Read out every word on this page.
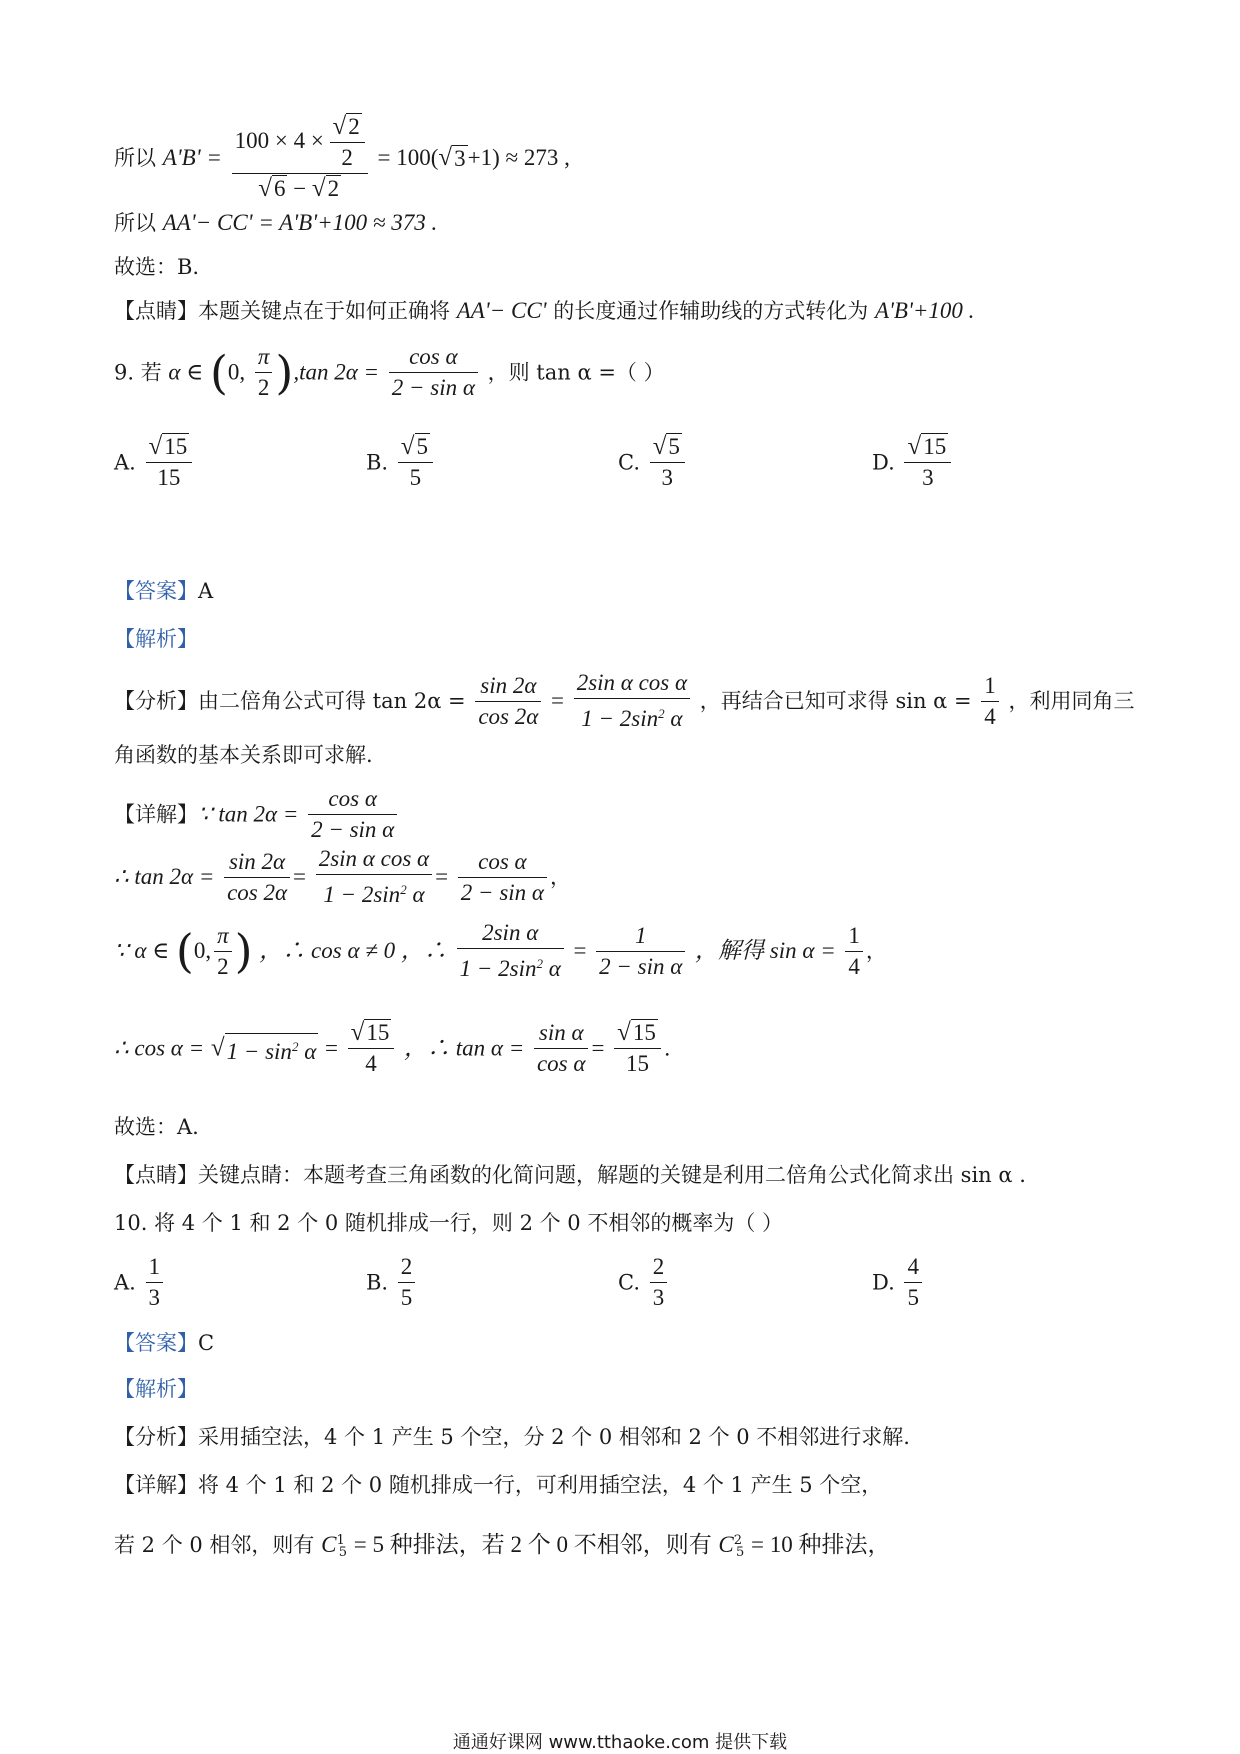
所以 $A'B' = \frac{100 \times 4 \times \frac{√2}{2}}{√6 - √2} = 100(√3+1) \approx 273$ ,
所以 AA'− CC' = A'B'+100 ≈ 373 .
故选：B.
【点睛】本题关键点在于如何正确将 AA'− CC' 的长度通过作辅助线的方式转化为 A'B'+100 .
9. 若 α ∈ (0, $\frac{\pi}{2} ),\tan$ $2\alpha = \frac{\text{cos α}}{\text{2 − sin α}}$ ，则 tan α =（ ）
A. $\frac{√15}{15}$	B. $\frac{√5}{5}$	C. $\frac{√5}{3}$	D. $\frac{√15}{3}$
【答案】A
【解析】
【分析】由二倍角公式可得 $\tan 2\alpha = \frac{\sin 2\alpha}{\cos 2\alpha} = \frac{\text{2sin α cos α}}{1 - 2\sin^2 \alpha}$ ，再结合已知可求得 $\sin \alpha = \frac{1}{4}$ ，利用同角三
角函数的基本关系即可求解.
【详解】∵ $\tan 2\alpha = \frac{\text{cos α}}{\text{2 − sin α}}$
∴ $\tan 2\alpha = \frac{\sin 2\alpha}{\cos 2\alpha} = \frac{\text{2sin α cos α}}{1 - 2\sin^2 \alpha} = \frac{\text{cos α}}{\text{2 − sin α}}$ ，
∵ α ∈ (0, $\frac{\pi}{2}$ ) ，∴ cos α ≠ 0 ，∴ $\frac{\text{2sin α}}{1 - 2\sin^2 \alpha} = \frac{1}{\text{2 − sin α}}$ ，解得 $\sin \alpha = \frac{1}{4}$ ，
∴ $\cos \alpha = √1 - \sin^2 \alpha = \frac{√15}{4}$ ，∴ $\tan \alpha = \frac{\text{sin α}}{\text{cos α}} = \frac{√15}{15}$ .
故选：A.
【点睛】关键点睛：本题考查三角函数的化简问题，解题的关键是利用二倍角公式化简求出 sin α .
10. 将 4 个 1 和 2 个 0 随机排成一行，则 2 个 0 不相邻的概率为（ ）
A. $\frac{1}{3}$	B. $\frac{2}{5}$	C. $\frac{2}{3}$	D. $\frac{4}{5}$
【答案】C
【解析】
【分析】采用插空法，4 个 1 产生 5 个空，分 2 个 0 相邻和 2 个 0 不相邻进行求解.
【详解】将 4 个 1 和 2 个 0 随机排成一行，可利用插空法，4 个 1 产生 5 个空，
若 2 个 0 相邻，则有 $C^1_5 = 5$ 种排法，若 2 个 0 不相邻，则有 $C^2_5 = 10$ 种排法，
通通好课网 www.tthaoke.com 提供下载
